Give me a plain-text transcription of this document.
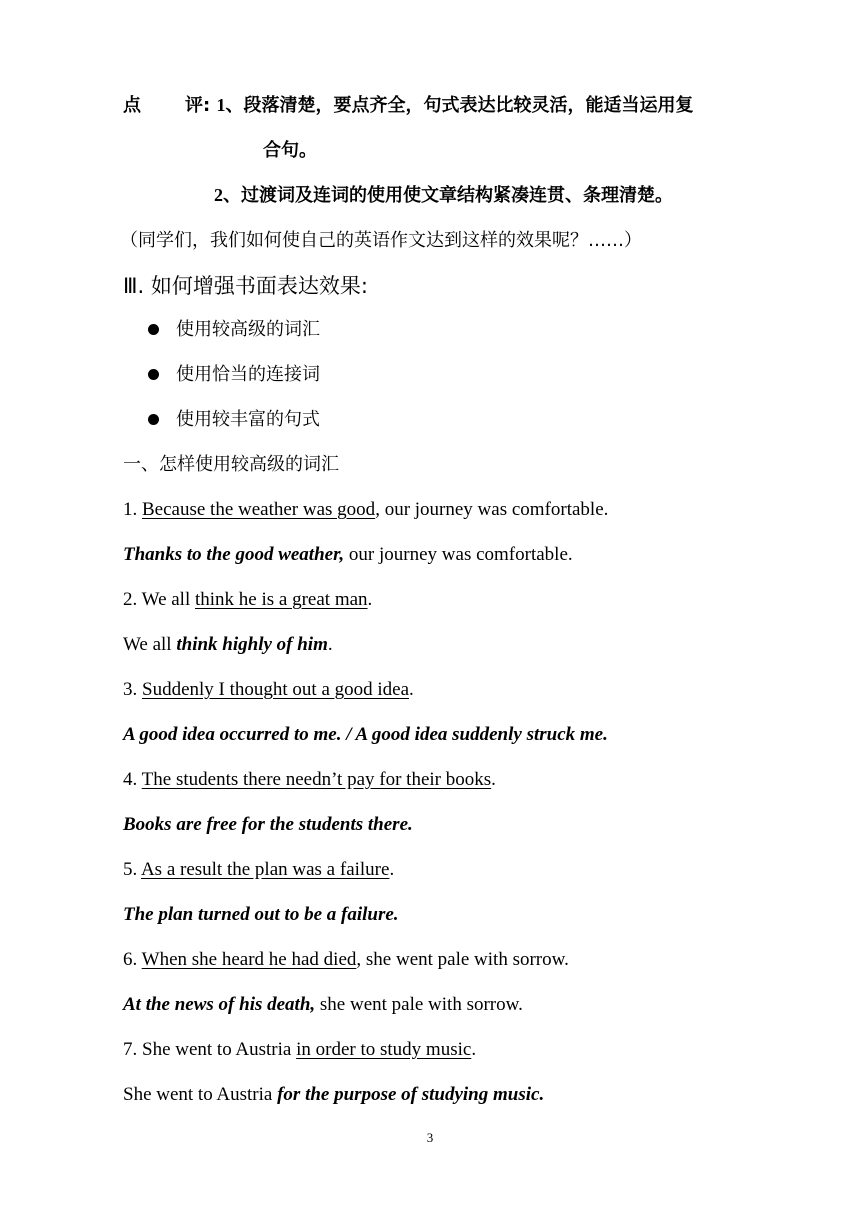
点 评: 1、段落清楚，要点齐全，句式表达比较灵活，能适当运用复
合句。
2、过渡词及连词的使用使文章结构紧凑连贯、条理清楚。
（同学们，我们如何使自己的英语作文达到这样的效果呢？……）
Ⅲ. 如何增强书面表达效果:
使用较高级的词汇
使用恰当的连接词
使用较丰富的句式
一、怎样使用较高级的词汇
1. Because the weather was good, our journey was comfortable.
Thanks to the good weather, our journey was comfortable.
2. We all think he is a great man.
We all think highly of him.
3. Suddenly I thought out a good idea.
A good idea occurred to me. / A good idea suddenly struck me.
4. The students there needn’t pay for their books.
Books are free for the students there.
5. As a result the plan was a failure.
The plan turned out to be a failure.
6. When she heard he had died, she went pale with sorrow.
At the news of his death, she went pale with sorrow.
7. She went to Austria in order to study music.
She went to Austria for the purpose of studying music.
3
